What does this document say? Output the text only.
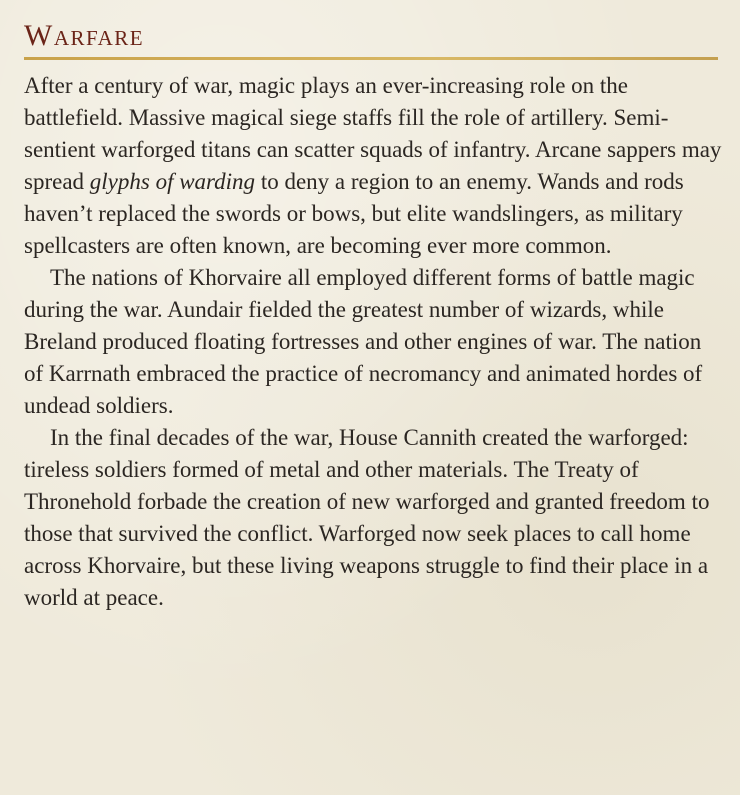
Warfare

After a century of war, magic plays an ever-increasing role on the battlefield. Massive magical siege staffs fill the role of artillery. Semi-sentient warforged titans can scatter squads of infantry. Arcane sappers may spread glyphs of warding to deny a region to an enemy. Wands and rods haven’t replaced the swords or bows, but elite wandslingers, as military spellcasters are often known, are becoming ever more common.

The nations of Khorvaire all employed different forms of battle magic during the war. Aundair fielded the greatest number of wizards, while Breland produced floating fortresses and other engines of war. The nation of Karrnath embraced the practice of necromancy and animated hordes of undead soldiers.

In the final decades of the war, House Cannith created the warforged: tireless soldiers formed of metal and other materials. The Treaty of Thronehold forbade the creation of new warforged and granted freedom to those that survived the conflict. Warforged now seek places to call home across Khorvaire, but these living weapons struggle to find their place in a world at peace.
